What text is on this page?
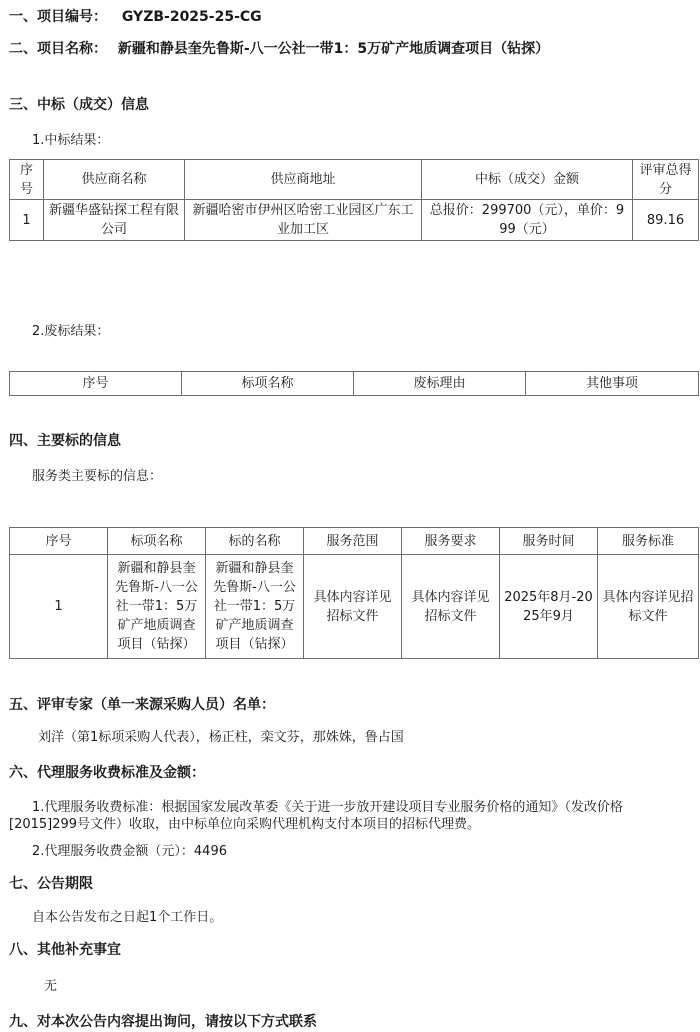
一、项目编号： GYZB-2025-25-CG
二、项目名称： 新疆和静县奎先鲁斯-八一公社一带1：5万矿产地质调查项目（钻探）
三、中标（成交）信息
1.中标结果：
序号	供应商名称	供应商地址	中标（成交）金额	评审总得分
1	新疆华盛钻探工程有限公司	新疆哈密市伊州区哈密工业园区广东工业加工区	总报价：299700（元），单价：999（元）	89.16
2.废标结果：
序号	标项名称	废标理由	其他事项
四、主要标的信息
服务类主要标的信息：
序号	标项名称	标的名称	服务范围	服务要求	服务时间	服务标准
1	新疆和静县奎先鲁斯-八一公社一带1：5万矿产地质调查项目（钻探）	新疆和静县奎先鲁斯-八一公社一带1：5万矿产地质调查项目（钻探）	具体内容详见招标文件	具体内容详见招标文件	2025年8月-2025年9月	具体内容详见招标文件
五、评审专家（单一来源采购人员）名单：
刘洋（第1标项采购人代表），杨正柱，栾文芬，那姝姝，鲁占国
六、代理服务收费标准及金额：
1.代理服务收费标准：根据国家发展改革委《关于进一步放开建设项目专业服务价格的通知》（发改价格
[2015]299号文件）收取，由中标单位向采购代理机构支付本项目的招标代理费。
2.代理服务收费金额（元）：4496
七、公告期限
自本公告发布之日起1个工作日。
八、其他补充事宜
无
九、对本次公告内容提出询问，请按以下方式联系
